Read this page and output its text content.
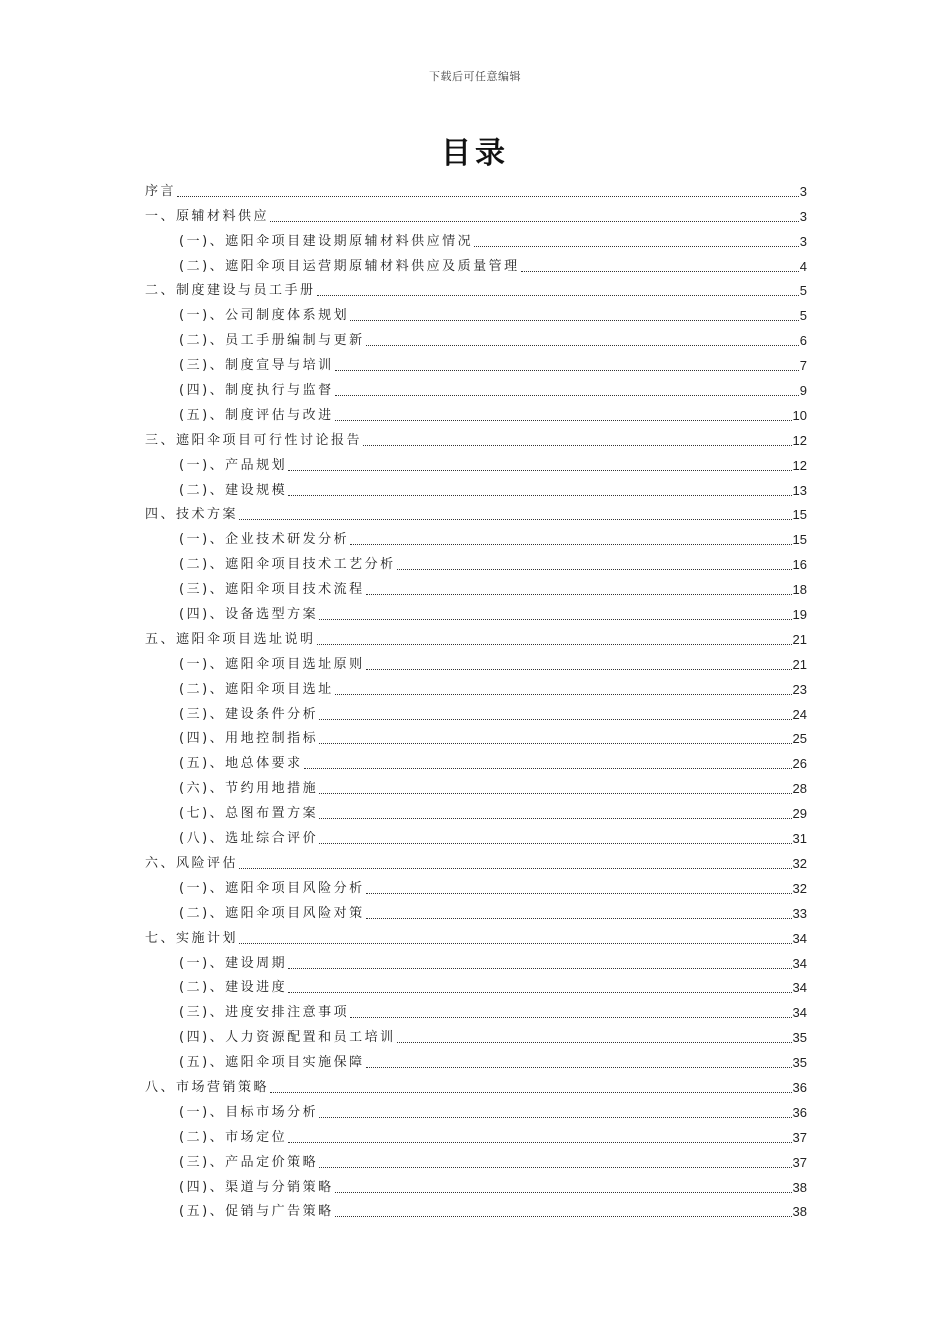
下载后可任意编辑
目录
序言	3
一、原辅材料供应	3
(一)、遮阳伞项目建设期原辅材料供应情况	3
(二)、遮阳伞项目运营期原辅材料供应及质量管理	4
二、制度建设与员工手册	5
(一)、公司制度体系规划	5
(二)、员工手册编制与更新	6
(三)、制度宣导与培训	7
(四)、制度执行与监督	9
(五)、制度评估与改进	10
三、遮阳伞项目可行性讨论报告	12
(一)、产品规划	12
(二)、建设规模	13
四、技术方案	15
(一)、企业技术研发分析	15
(二)、遮阳伞项目技术工艺分析	16
(三)、遮阳伞项目技术流程	18
(四)、设备选型方案	19
五、遮阳伞项目选址说明	21
(一)、遮阳伞项目选址原则	21
(二)、遮阳伞项目选址	23
(三)、建设条件分析	24
(四)、用地控制指标	25
(五)、地总体要求	26
(六)、节约用地措施	28
(七)、总图布置方案	29
(八)、选址综合评价	31
六、风险评估	32
(一)、遮阳伞项目风险分析	32
(二)、遮阳伞项目风险对策	33
七、实施计划	34
(一)、建设周期	34
(二)、建设进度	34
(三)、进度安排注意事项	34
(四)、人力资源配置和员工培训	35
(五)、遮阳伞项目实施保障	35
八、市场营销策略	36
(一)、目标市场分析	36
(二)、市场定位	37
(三)、产品定价策略	37
(四)、渠道与分销策略	38
(五)、促销与广告策略	38
